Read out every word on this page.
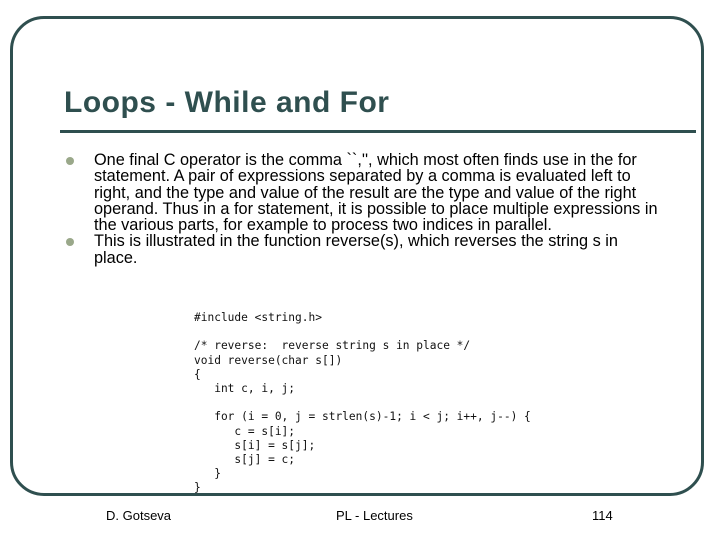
Loops - While and For
One final C operator is the comma ``,'', which most often finds use in the for statement. A pair of expressions separated by a comma is evaluated left to right, and the type and value of the result are the type and value of the right operand. Thus in a for statement, it is possible to place multiple expressions in the various parts, for example to process two indices in parallel.
This is illustrated in the function reverse(s), which reverses the string s in place.
#include <string.h>
/* reverse:  reverse string s in place */
void reverse(char s[])
{
int c, i, j;
for (i = 0, j = strlen(s)-1; i < j; i++, j--) {
c = s[i];
s[i] = s[j];
s[j] = c;
}
}
D. Gotseva	PL - Lectures	114
